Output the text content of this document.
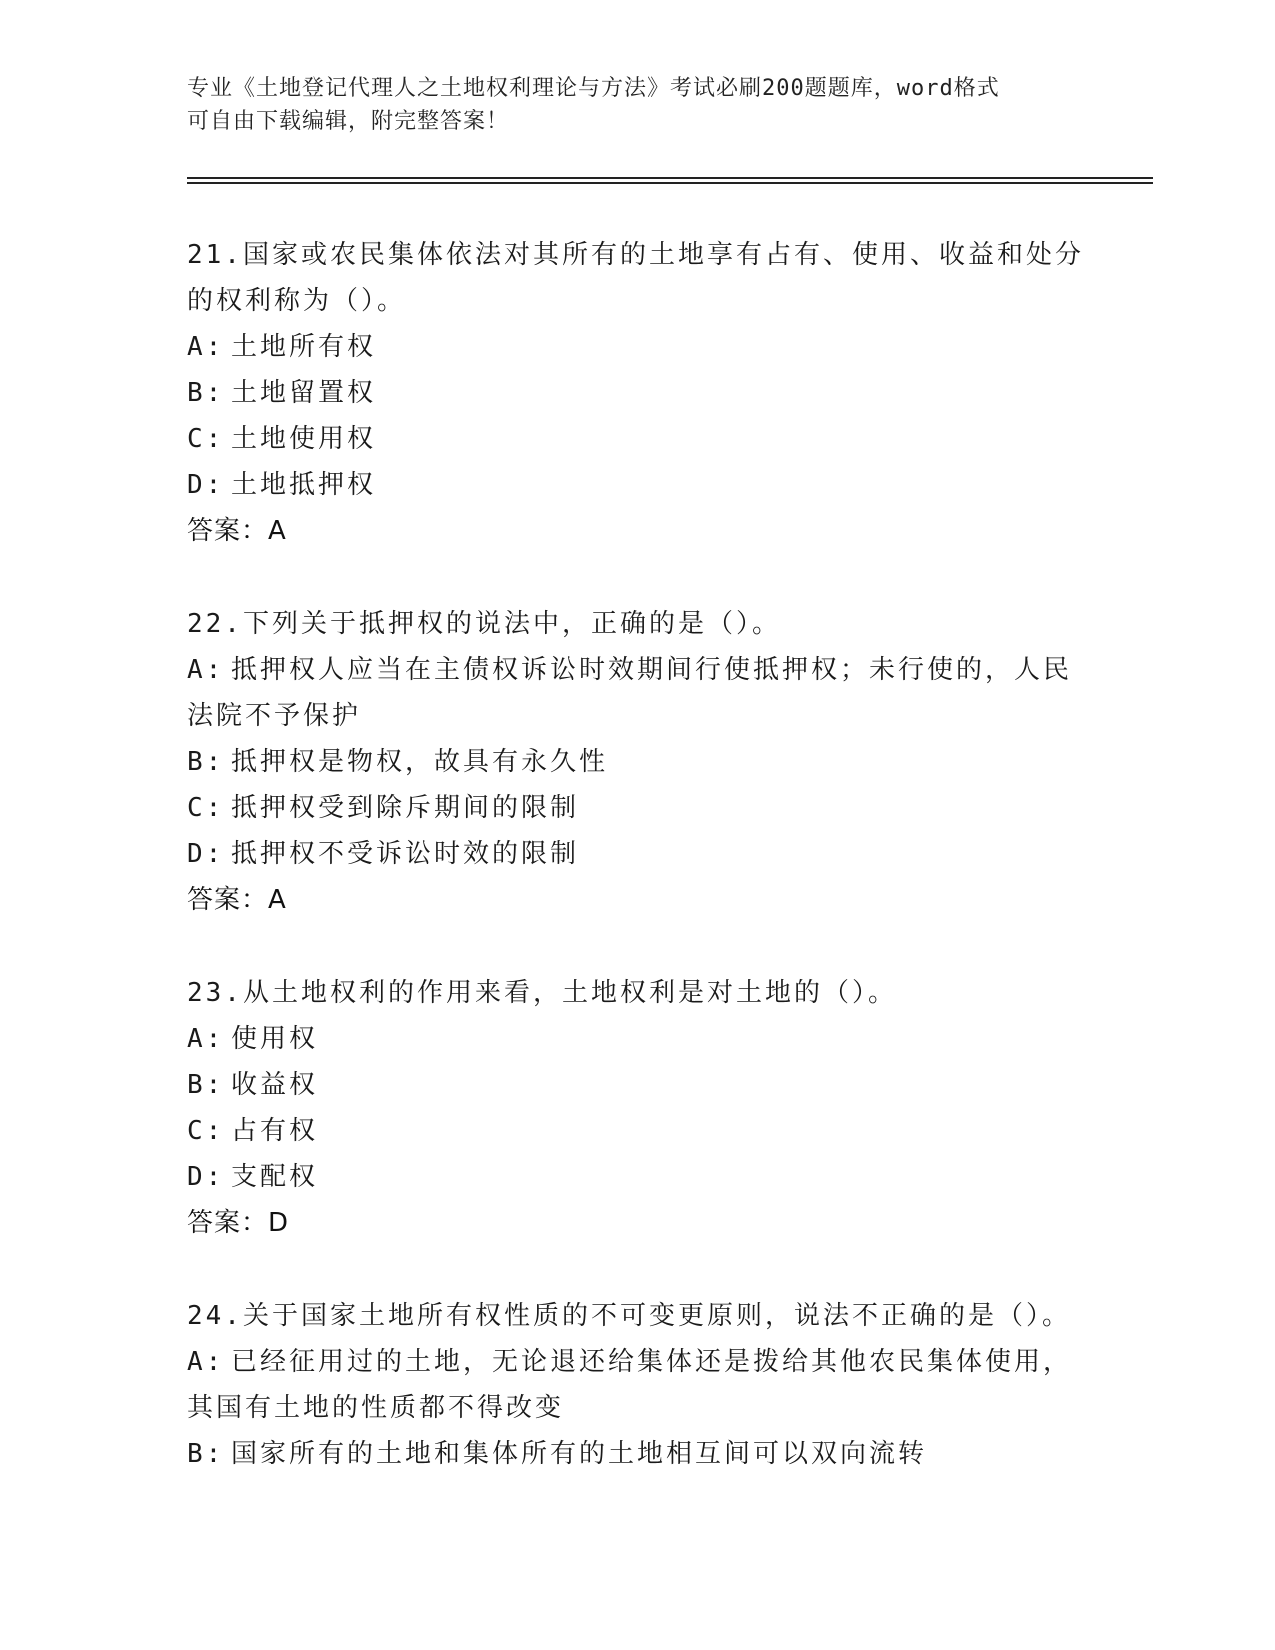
专业《土地登记代理人之土地权利理论与方法》考试必刷200题题库，word格式
可自由下载编辑，附完整答案！
21.国家或农民集体依法对其所有的土地享有占有、使用、收益和处分
的权利称为（）。
A: 土地所有权
B: 土地留置权
C: 土地使用权
D: 土地抵押权
答案：A
22.下列关于抵押权的说法中，正确的是（）。
A: 抵押权人应当在主债权诉讼时效期间行使抵押权；未行使的，人民
法院不予保护
B: 抵押权是物权，故具有永久性
C: 抵押权受到除斥期间的限制
D: 抵押权不受诉讼时效的限制
答案：A
23.从土地权利的作用来看，土地权利是对土地的（）。
A: 使用权
B: 收益权
C: 占有权
D: 支配权
答案：D
24.关于国家土地所有权性质的不可变更原则，说法不正确的是（）。
A: 已经征用过的土地，无论退还给集体还是拨给其他农民集体使用，
其国有土地的性质都不得改变
B: 国家所有的土地和集体所有的土地相互间可以双向流转
